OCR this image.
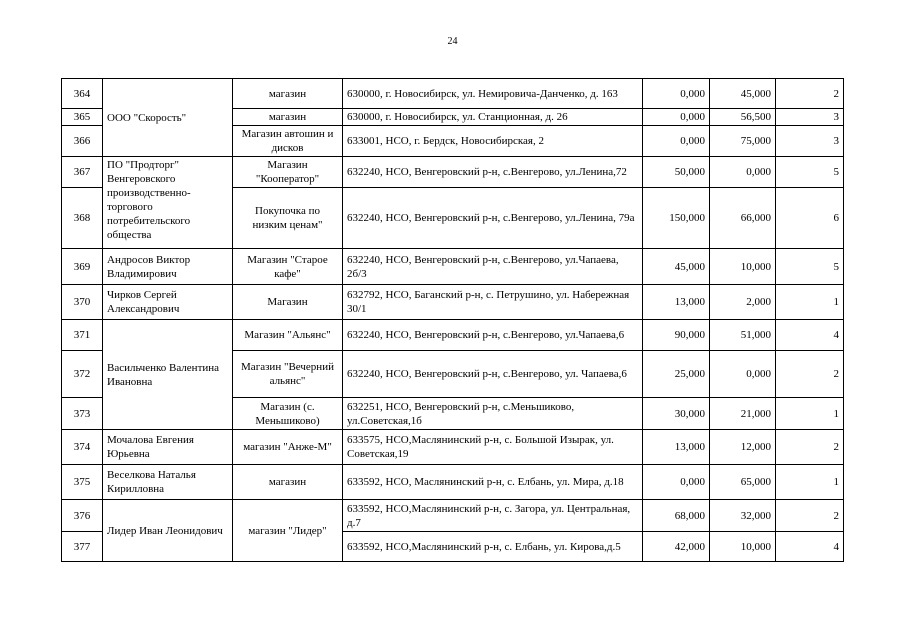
24
364	ООО "Скорость"	магазин	630000, г. Новосибирск, ул. Немировича-Данченко, д. 163	0,000	45,000	2
365		магазин	630000, г. Новосибирск, ул. Станционная, д. 26	0,000	56,500	3
366		Магазин автошин и дисков	633001, НСО, г. Бердск, Новосибирская, 2	0,000	75,000	3
367	ПО "Продторг" Венгеровского производственно-торгового потребительского общества	Магазин "Кооператор"	632240, НСО, Венгеровский р-н, с.Венгерово, ул.Ленина,72	50,000	0,000	5
368		Покупочка по низким ценам"	632240, НСО, Венгеровский р-н, с.Венгерово, ул.Ленина, 79а	150,000	66,000	6
369	Андросов Виктор Владимирович	Магазин "Старое кафе"	632240, НСО, Венгеровский р-н, с.Венгерово, ул.Чапаева, 2б/3	45,000	10,000	5
370	Чирков Сергей Александрович	Магазин	632792, НСО, Баганский р-н, с. Петрушино, ул. Набережная 30/1	13,000	2,000	1
371	Васильченко Валентина Ивановна	Магазин "Альянс"	632240, НСО, Венгеровский р-н, с.Венгерово, ул.Чапаева,6	90,000	51,000	4
372		Магазин "Вечерний альянс"	632240, НСО, Венгеровский р-н, с.Венгерово, ул. Чапаева,6	25,000	0,000	2
373		Магазин (с. Меньшиково)	632251, НСО, Венгеровский р-н, с.Меньшиково, ул.Советская,1б	30,000	21,000	1
374	Мочалова Евгения Юрьевна	магазин "Анже-М"	633575, НСО,Маслянинский р-н, с. Большой Изырак, ул. Советская,19	13,000	12,000	2
375	Веселкова Наталья Кирилловна	магазин	633592, НСО, Маслянинский р-н, с. Елбань, ул. Мира, д.18	0,000	65,000	1
376	Лидер Иван Леонидович	магазин "Лидер"	633592, НСО,Маслянинский р-н, с. Загора, ул. Центральная, д.7	68,000	32,000	2
377			633592, НСО,Маслянинский р-н, с. Елбань, ул. Кирова,д.5	42,000	10,000	4
